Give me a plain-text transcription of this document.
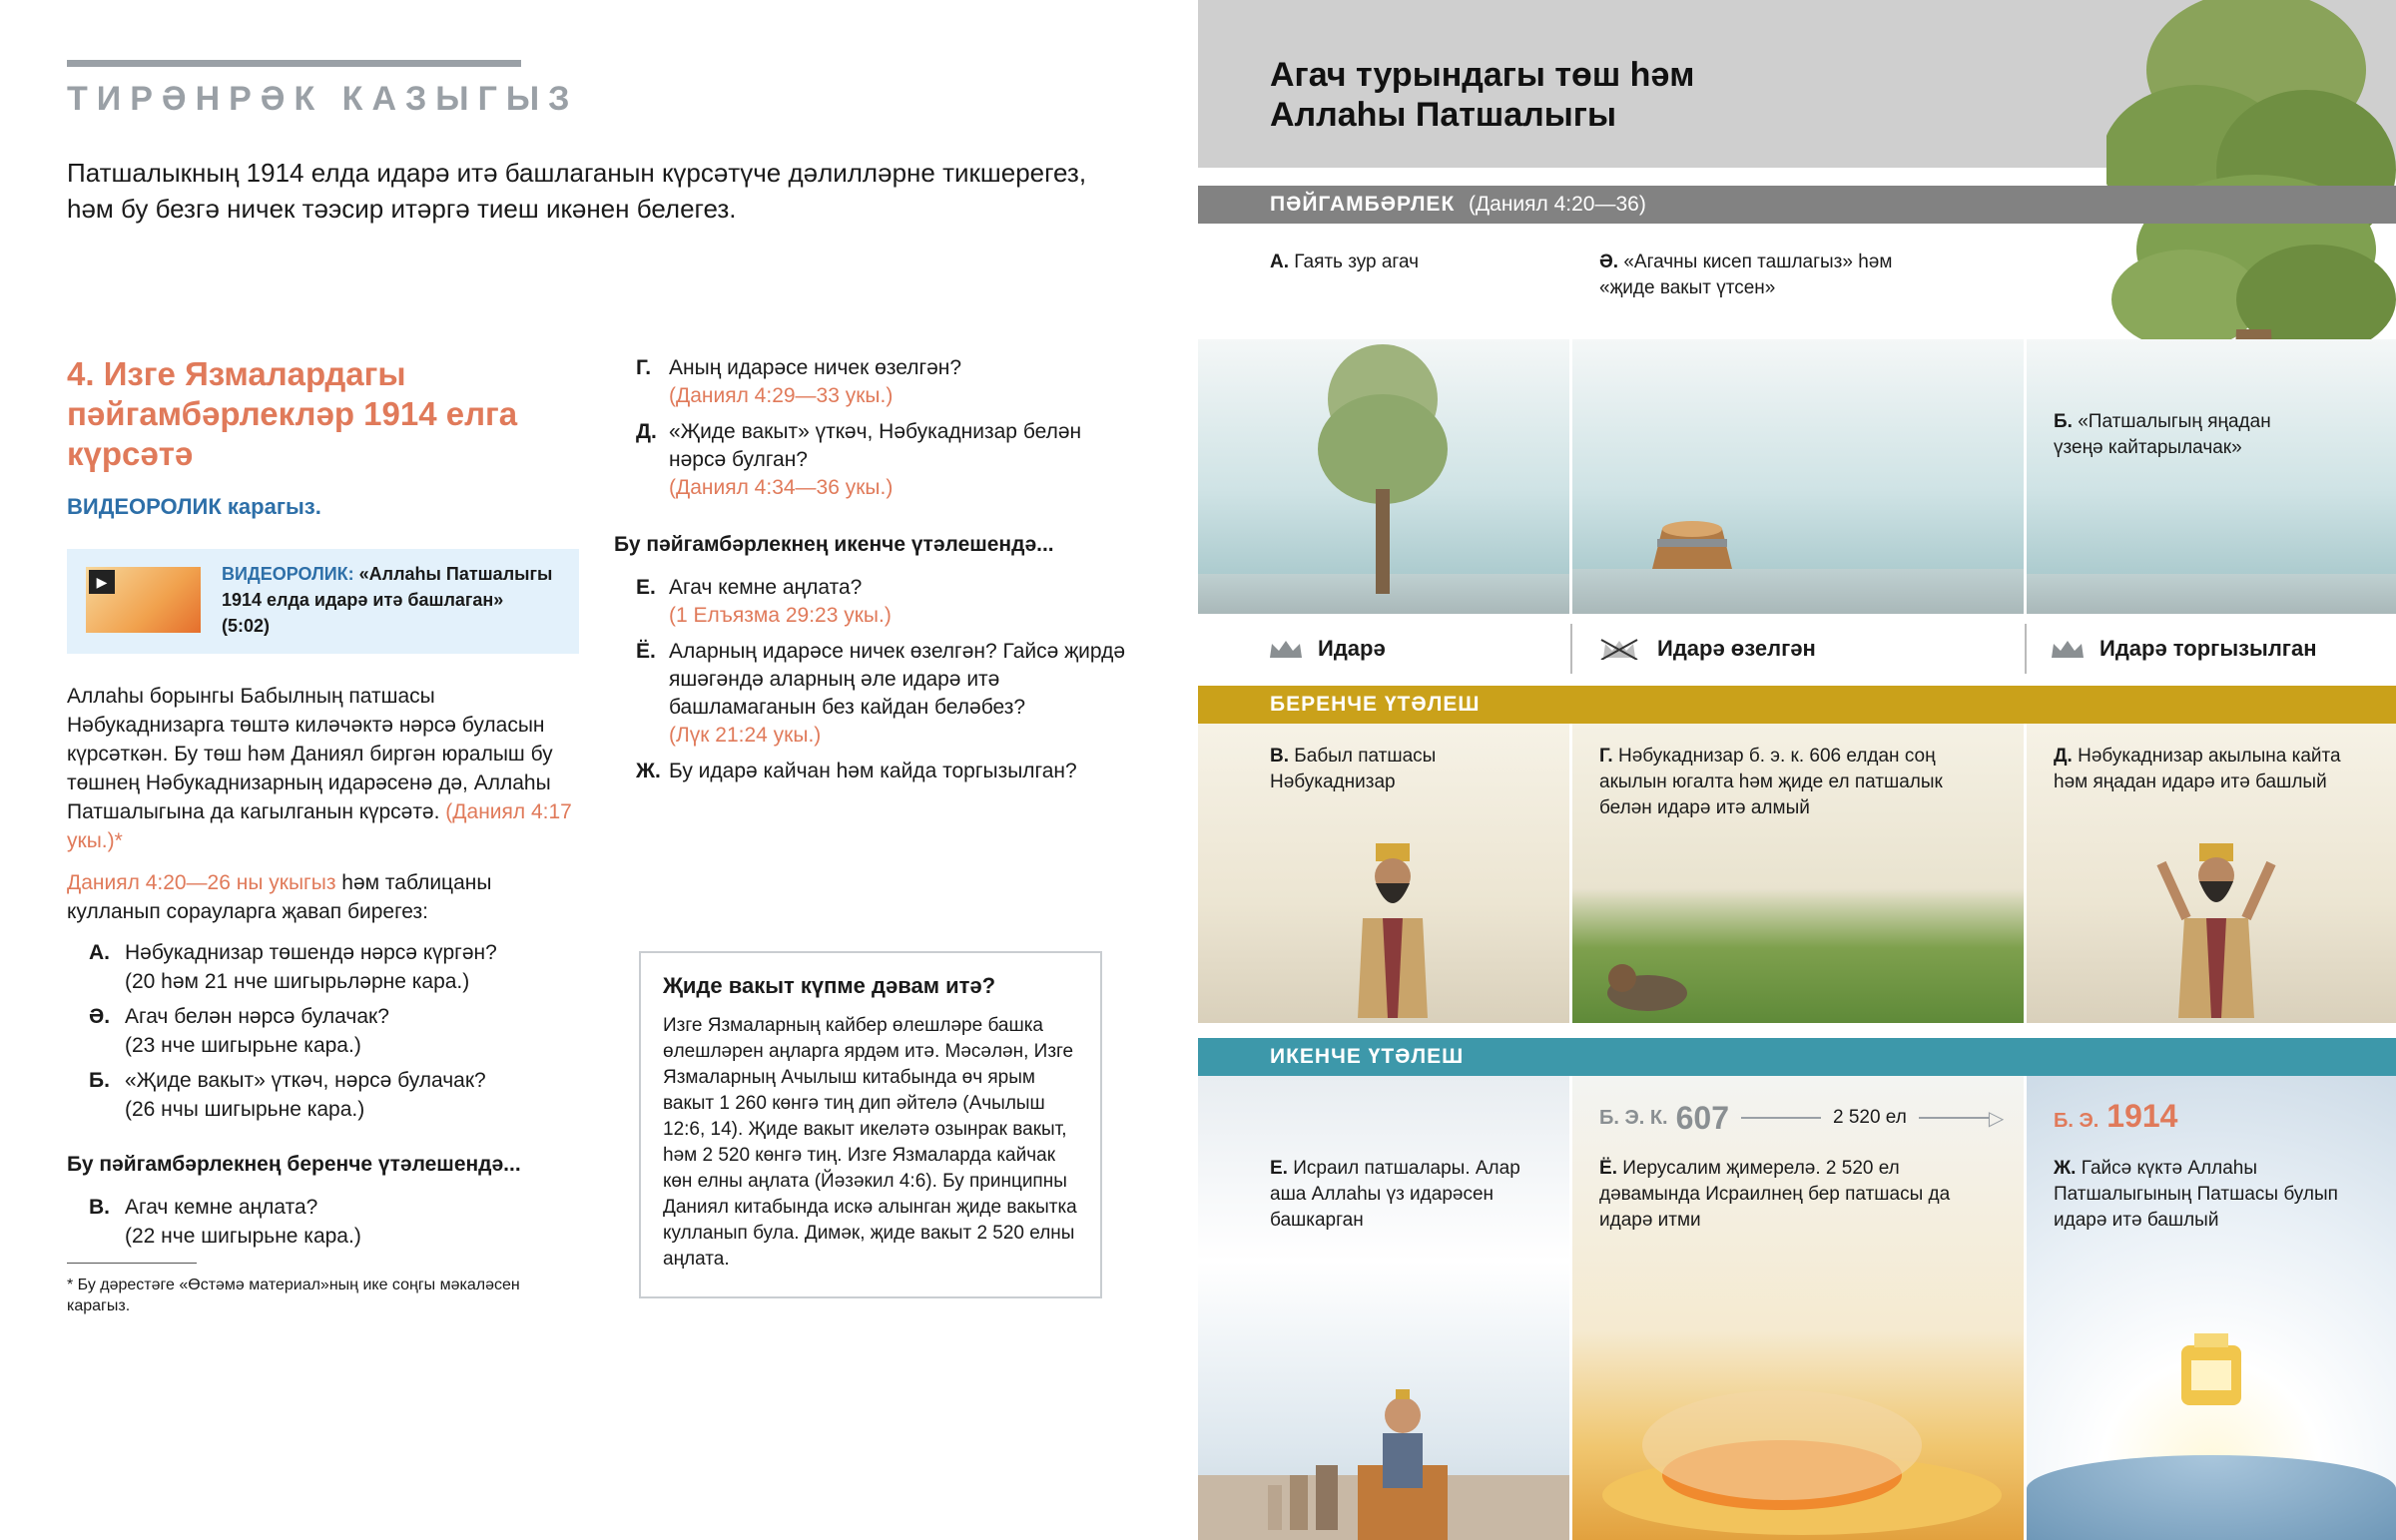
ТИРӘНРӘК КАЗЫГЫЗ
Патшалыкның 1914 елда идарә итә башлаганын күрсәтүче дәлилләрне тикшерегез, һәм бу безгә ничек тәэсир итәргә тиеш икәнен белегез.
4. Изге Язмалардагы пәйгамбәрлекләр 1914 елга күрсәтә
ВИДЕОРОЛИК карагыз.
▶	ВИДЕОРОЛИК: «Аллаһы Патшалыгы 1914 елда идарә итә башлаган»
(5:02)
Аллаһы борынгы Бабылның патшасы Нәбукаднизарга төштә киләчәктә нәрсә буласын күрсәткән. Бу төш һәм Даниял биргән юралыш бу төшнең Нәбукаднизарның идарәсенә дә, Аллаһы Патшалыгына да кагылганын күрсәтә. (Даниял 4:17 укы.)*
Даниял 4:20—26 ны укыгыз һәм таблицаны кулланып сорауларга җавап бирегез:
А. Нәбукаднизар төшендә нәрсә күргән?
(20 һәм 21 нче шигырьләрне кара.)
Ә. Агач белән нәрсә булачак?
(23 нче шигырьне кара.)
Б. «Җиде вакыт» үткәч, нәрсә булачак?
(26 нчы шигырьне кара.)
Бу пәйгамбәрлекнең беренче үтәлешендә...
В. Агач кемне аңлата?
(22 нче шигырьне кара.)
* Бу дәрестәге «Өстәмә материал»ның ике соңгы мәкаләсен карагыз.
Г. Аның идарәсе ничек өзелгән?
(Даниял 4:29—33 укы.)
Д. «Җиде вакыт» үткәч, Нәбукаднизар белән нәрсә булган?
(Даниял 4:34—36 укы.)
Бу пәйгамбәрлекнең икенче үтәлешендә...
Е. Агач кемне аңлата?
(1 Елъязма 29:23 укы.)
Ё. Аларның идарәсе ничек өзелгән? Гайсә җирдә яшәгәндә аларның әле идарә итә башламаганын без кайдан беләбез?
(Лүк 21:24 укы.)
Ж. Бу идарә кайчан һәм кайда торгызылган?
Җиде вакыт күпме дәвам итә?
Изге Язмаларның кайбер өлешләре башка өлешләрен аңларга ярдәм итә. Мәсәлән, Изге Язмаларның Ачылыш китабында өч ярым вакыт 1 260 көнгә тиң дип әйтелә (Ачылыш 12:6, 14). Җиде вакыт икеләтә озынрак вакыт, һәм 2 520 көнгә тиң. Изге Язмаларда кайчак көн елны аңлата (Йәзәкил 4:6). Бу принципны Даниял китабында искә алынган җиде вакытка кулланып була. Димәк, җиде вакыт 2 520 елны аңлата.
Агач турындагы төш һәм
Аллаһы Патшалыгы
ПӘЙГАМБӘРЛЕК (Даниял 4:20—36)
А. Гаять зур агач	Ә. «Агачны кисеп ташлагыз» һәм «җиде вакыт үтсен»
Б. «Патшалыгың яңадан үзеңә кайтарылачак»
Идарә	Идарә өзелгән	Идарә торгызылган
БЕРЕНЧЕ ҮТӘЛЕШ
В. Бабыл патшасы Нәбукаднизар
Г. Нәбукаднизар б. э. к. 606 елдан соң акылын югалта һәм җиде ел патшалык белән идарә итә алмый
Д. Нәбукаднизар акылына кайта һәм яңадан идарә итә башлый
ИКЕНЧЕ ҮТӘЛЕШ
Е. Исраил патшалары. Алар аша Аллаһы үз идарәсен башкарган
Б. Э. К. 607	2 520 ел	▷
Ё. Иерусалим җимерелә. 2 520 ел дәвамында Исраилнең бер патшасы да идарә итми
Б. Э. 1914
Ж. Гайсә күктә Аллаһы Патшалыгының Патшасы булып идарә итә башлый
